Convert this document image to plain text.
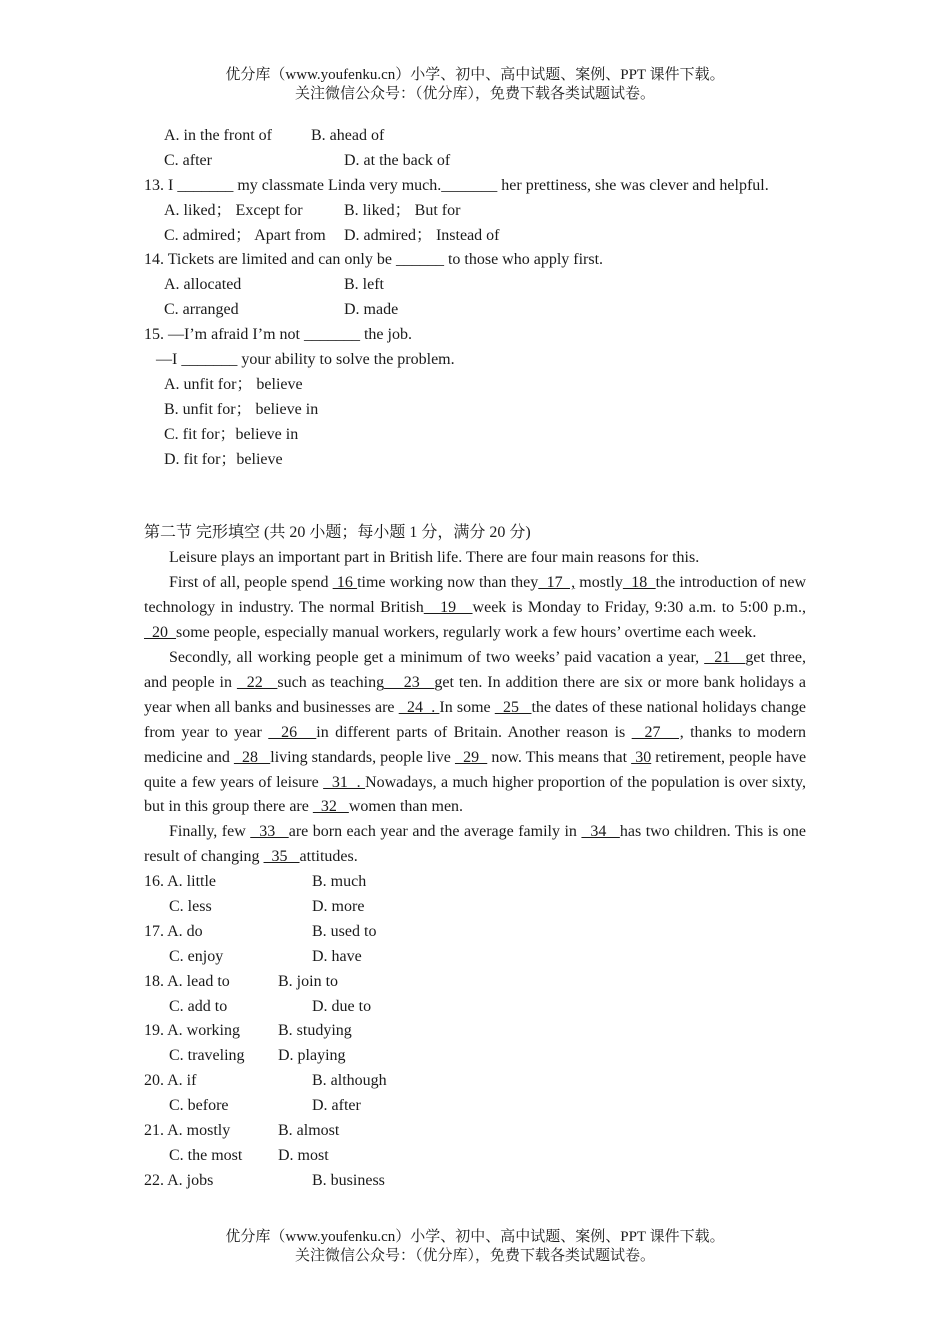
优分库（www.youfenku.cn）小学、初中、高中试题、案例、PPT 课件下载。
关注微信公众号：（优分库），免费下载各类试题试卷。
A. in the front of B. ahead of
C. after	D. at the back of
13. I _______ my classmate Linda very much._______ her prettiness, she was clever and helpful.
A. liked； Except for	B. liked； But for
C. admired； Apart from D. admired； Instead of
14. Tickets are limited and can only be ______ to those who apply first.
A. allocated	B. left
C. arranged	D. made
15. —I’m afraid I’m not _______ the job.
—I _______ your ability to solve the problem.
A. unfit for； believe
B. unfit for； believe in
C. fit for；believe in
D. fit for；believe
第二节 完形填空 (共 20 小题；每小题 1 分，满分 20 分)

Leisure plays an important part in British life. There are four main reasons for this.

First of all, people spend  16 time working now than they  17  , mostly  18  the introduction of new technology in industry. The normal British   19   week is Monday to Friday, 9:30 a.m. to 5:00 p.m.,   20  some people, especially manual workers, regularly work a few hours’ overtime each week.

Secondly, all working people get a minimum of two weeks’ paid vacation a year,   21   get three, and people in   22   such as teaching    23   get ten. In addition there are six or more bank holidays a year when all banks and businesses are   24  . In some   25   the dates of these national holidays change from year to year   26   in different parts of Britain. Another reason is   27   , thanks to modern medicine and   28   living standards, people live   29   now. This means that  30 retirement, people have quite a few years of leisure   31  . Nowadays, a much higher proportion of the population is over sixty, but in this group there are   32   women than men.

Finally, few   33   are born each year and the average family in   34   has two children. This is one result of changing   35   attitudes.

16. A. little	B. much
C. less	D. more
17. A. do	B. used to
C. enjoy	D. have
18. A. lead to	B. join to
C. add to	D. due to
19. A. working B. studying
C. traveling D. playing
20. A. if	B. although
C. before	D. after
21. A. mostly	B. almost
C. the most D. most
22. A. jobs	B. business
优分库（www.youfenku.cn）小学、初中、高中试题、案例、PPT 课件下载。
关注微信公众号：（优分库），免费下载各类试题试卷。
